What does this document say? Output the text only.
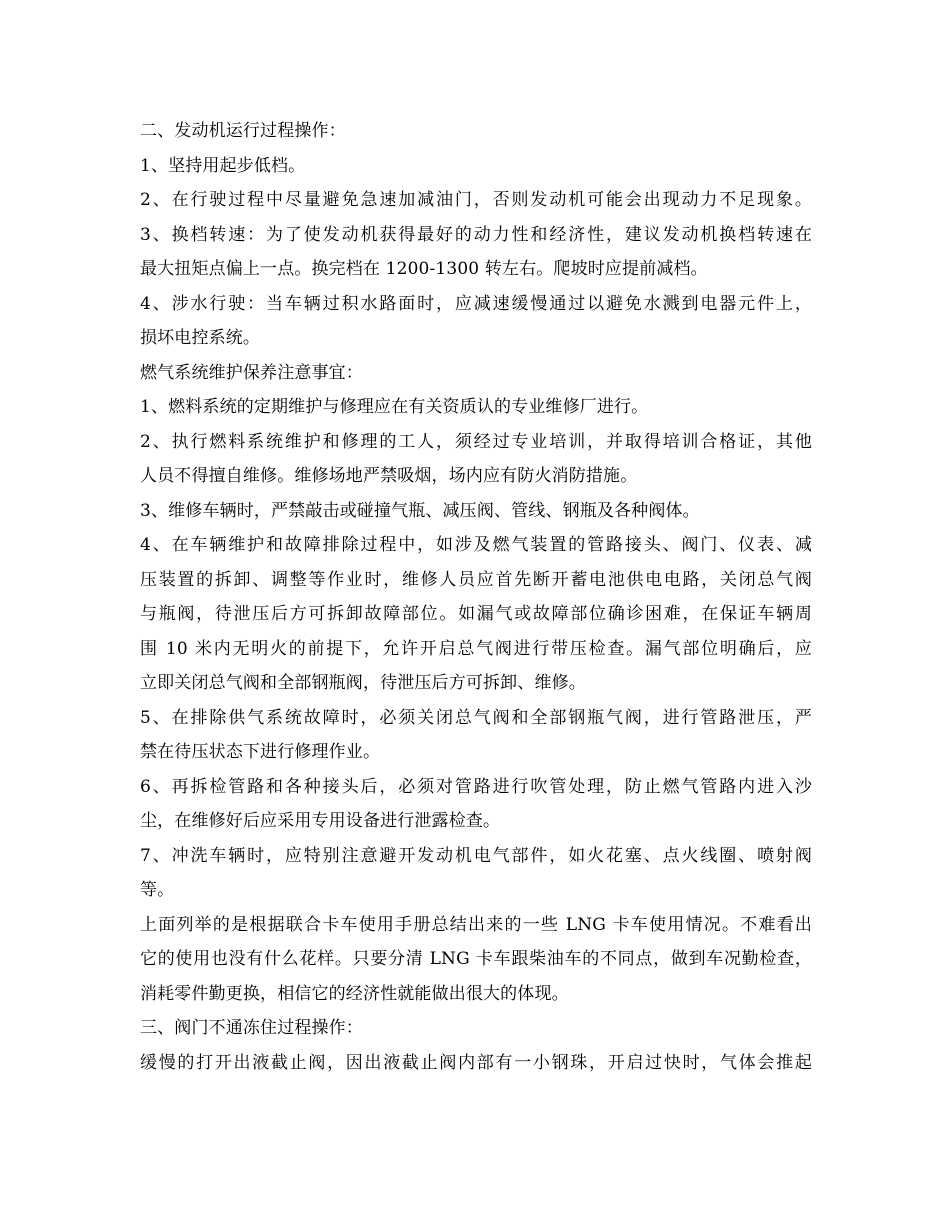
二、发动机运行过程操作：
1、坚持用起步低档。
2、在行驶过程中尽量避免急速加减油门，否则发动机可能会出现动力不足现象。
3、换档转速：为了使发动机获得最好的动力性和经济性，建议发动机换档转速在
最大扭矩点偏上一点。换完档在 1200-1300 转左右。爬坡时应提前减档。
4、涉水行驶：当车辆过积水路面时，应减速缓慢通过以避免水溅到电器元件上，
损坏电控系统。
燃气系统维护保养注意事宜：
1、燃料系统的定期维护与修理应在有关资质认的专业维修厂进行。
2、执行燃料系统维护和修理的工人，须经过专业培训，并取得培训合格证，其他
人员不得擅自维修。维修场地严禁吸烟，场内应有防火消防措施。
3、维修车辆时，严禁敲击或碰撞气瓶、减压阀、管线、钢瓶及各种阀体。
4、在车辆维护和故障排除过程中，如涉及燃气装置的管路接头、阀门、仪表、减
压装置的拆卸、调整等作业时，维修人员应首先断开蓄电池供电电路，关闭总气阀
与瓶阀，待泄压后方可拆卸故障部位。如漏气或故障部位确诊困难，在保证车辆周
围 10 米内无明火的前提下，允许开启总气阀进行带压检查。漏气部位明确后，应
立即关闭总气阀和全部钢瓶阀，待泄压后方可拆卸、维修。
5、在排除供气系统故障时，必须关闭总气阀和全部钢瓶气阀，进行管路泄压，严
禁在待压状态下进行修理作业。
6、再拆检管路和各种接头后，必须对管路进行吹管处理，防止燃气管路内进入沙
尘，在维修好后应采用专用设备进行泄露检查。
7、冲洗车辆时，应特别注意避开发动机电气部件，如火花塞、点火线圈、喷射阀
等。
上面列举的是根据联合卡车使用手册总结出来的一些 LNG 卡车使用情况。不难看出
它的使用也没有什么花样。只要分清 LNG 卡车跟柴油车的不同点，做到车况勤检查，
消耗零件勤更换，相信它的经济性就能做出很大的体现。
三、阀门不通冻住过程操作：
缓慢的打开出液截止阀，因出液截止阀内部有一小钢珠，开启过快时，气体会推起
